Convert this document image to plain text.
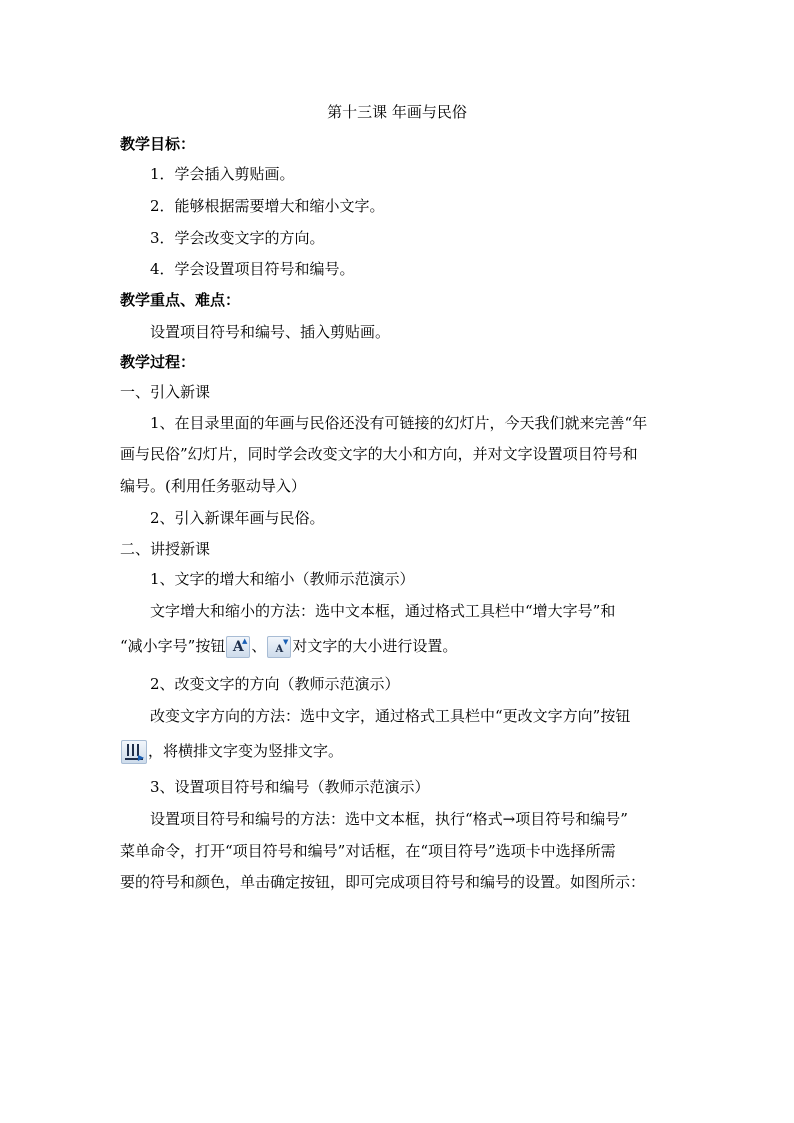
第十三课 年画与民俗
教学目标：
1．学会插入剪贴画。
2．能够根据需要增大和缩小文字。
3．学会改变文字的方向。
4．学会设置项目符号和编号。
教学重点、难点：
设置项目符号和编号、插入剪贴画。
教学过程：
一、引入新课
1、在目录里面的年画与民俗还没有可链接的幻灯片，今天我们就来完善“年
画与民俗”幻灯片，同时学会改变文字的大小和方向，并对文字设置项目符号和
编号。(利用任务驱动导入）
2、引入新课年画与民俗。
二、讲授新课
1、文字的增大和缩小（教师示范演示）
文字增大和缩小的方法：选中文本框，通过格式工具栏中“增大字号”和
“减小字号”按钮 A
▲ 、 A
▼ 对文字的大小进行设置。
2、改变文字的方向（教师示范演示）
改变文字方向的方法：选中文字，通过格式工具栏中“更改文字方向”按钮
▶ ，将横排文字变为竖排文字。
3、设置项目符号和编号（教师示范演示）
设置项目符号和编号的方法：选中文本框，执行“格式→项目符号和编号”
菜单命令，打开“项目符号和编号”对话框，在“项目符号”选项卡中选择所需
要的符号和颜色，单击确定按钮，即可完成项目符号和编号的设置。如图所示：
